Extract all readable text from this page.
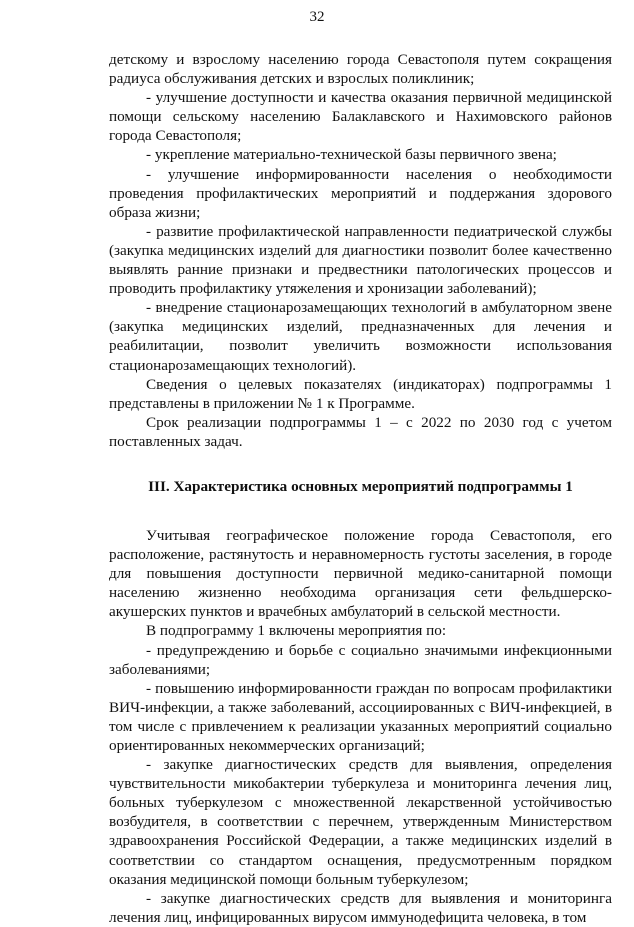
32

детскому и взрослому населению города Севастополя путем сокращения радиуса обслуживания детских и взрослых поликлиник;

- улучшение доступности и качества оказания первичной медицинской помощи сельскому населению Балаклавского и Нахимовского районов города Севастополя;

- укрепление материально-технической базы первичного звена;

- улучшение информированности населения о необходимости проведения профилактических мероприятий и поддержания здорового образа жизни;

- развитие профилактической направленности педиатрической службы (закупка медицинских изделий для диагностики позволит более качественно выявлять ранние признаки и предвестники патологических процессов и проводить профилактику утяжеления и хронизации заболеваний);

- внедрение стационарозамещающих технологий в амбулаторном звене (закупка медицинских изделий, предназначенных для лечения и реабилитации, позволит увеличить возможности использования стационарозамещающих технологий).

Сведения о целевых показателях (индикаторах) подпрограммы 1 представлены в приложении № 1 к Программе.

Срок реализации подпрограммы 1 – с 2022 по 2030 год с учетом поставленных задач.

III. Характеристика основных мероприятий подпрограммы 1

Учитывая географическое положение города Севастополя, его расположение, растянутость и неравномерность густоты заселения, в городе для повышения доступности первичной медико-санитарной помощи населению жизненно необходима организация сети фельдшерско-акушерских пунктов и врачебных амбулаторий в сельской местности.

В подпрограмму 1 включены мероприятия по:

- предупреждению и борьбе с социально значимыми инфекционными заболеваниями;

- повышению информированности граждан по вопросам профилактики ВИЧ-инфекции, а также заболеваний, ассоциированных с ВИЧ-инфекцией, в том числе с привлечением к реализации указанных мероприятий социально ориентированных некоммерческих организаций;

- закупке диагностических средств для выявления, определения чувствительности микобактерии туберкулеза и мониторинга лечения лиц, больных туберкулезом с множественной лекарственной устойчивостью возбудителя, в соответствии с перечнем, утвержденным Министерством здравоохранения Российской Федерации, а также медицинских изделий в соответствии со стандартом оснащения, предусмотренным порядком оказания медицинской помощи больным туберкулезом;

- закупке диагностических средств для выявления и мониторинга лечения лиц, инфицированных вирусом иммунодефицита человека, в том
